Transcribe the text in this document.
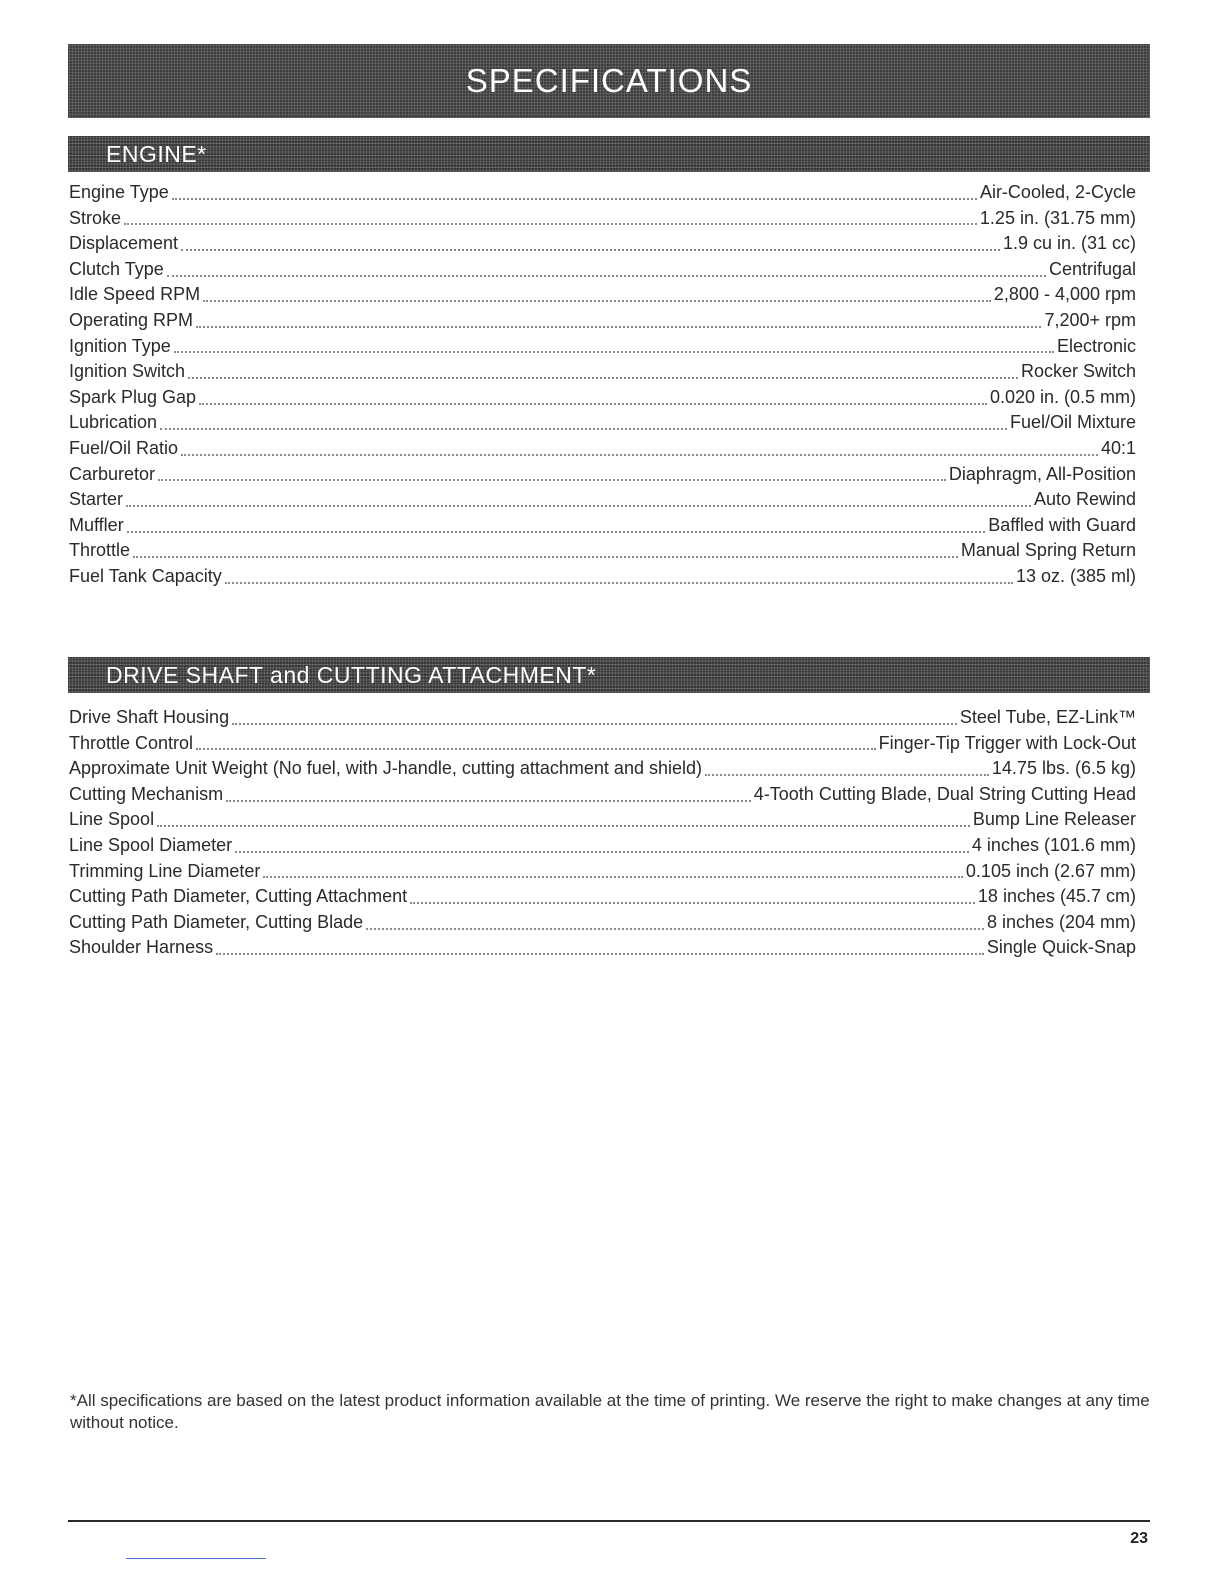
SPECIFICATIONS
ENGINE*
Engine Type	Air-Cooled, 2-Cycle
Stroke	1.25 in. (31.75 mm)
Displacement	1.9 cu in. (31 cc)
Clutch Type	Centrifugal
Idle Speed RPM	2,800 - 4,000 rpm
Operating RPM	7,200+ rpm
Ignition Type	Electronic
Ignition Switch	Rocker Switch
Spark Plug Gap	0.020 in. (0.5 mm)
Lubrication	Fuel/Oil Mixture
Fuel/Oil Ratio	40:1
Carburetor	Diaphragm, All-Position
Starter	Auto Rewind
Muffler	Baffled with Guard
Throttle	Manual Spring Return
Fuel Tank Capacity	13 oz. (385 ml)
DRIVE SHAFT and CUTTING ATTACHMENT*
Drive Shaft Housing	Steel Tube, EZ-Link™
Throttle Control	Finger-Tip Trigger with Lock-Out
Approximate Unit Weight (No fuel, with J-handle, cutting attachment and shield)	14.75 lbs. (6.5 kg)
Cutting Mechanism	4-Tooth Cutting Blade, Dual String Cutting Head
Line Spool	Bump Line Releaser
Line Spool Diameter	4 inches (101.6 mm)
Trimming Line Diameter	0.105 inch (2.67 mm)
Cutting Path Diameter, Cutting Attachment	18 inches (45.7 cm)
Cutting Path Diameter, Cutting Blade	8 inches (204 mm)
Shoulder Harness	Single Quick-Snap
*All specifications are based on the latest product information available at the time of printing. We reserve the right to make changes at any time without notice.
23
